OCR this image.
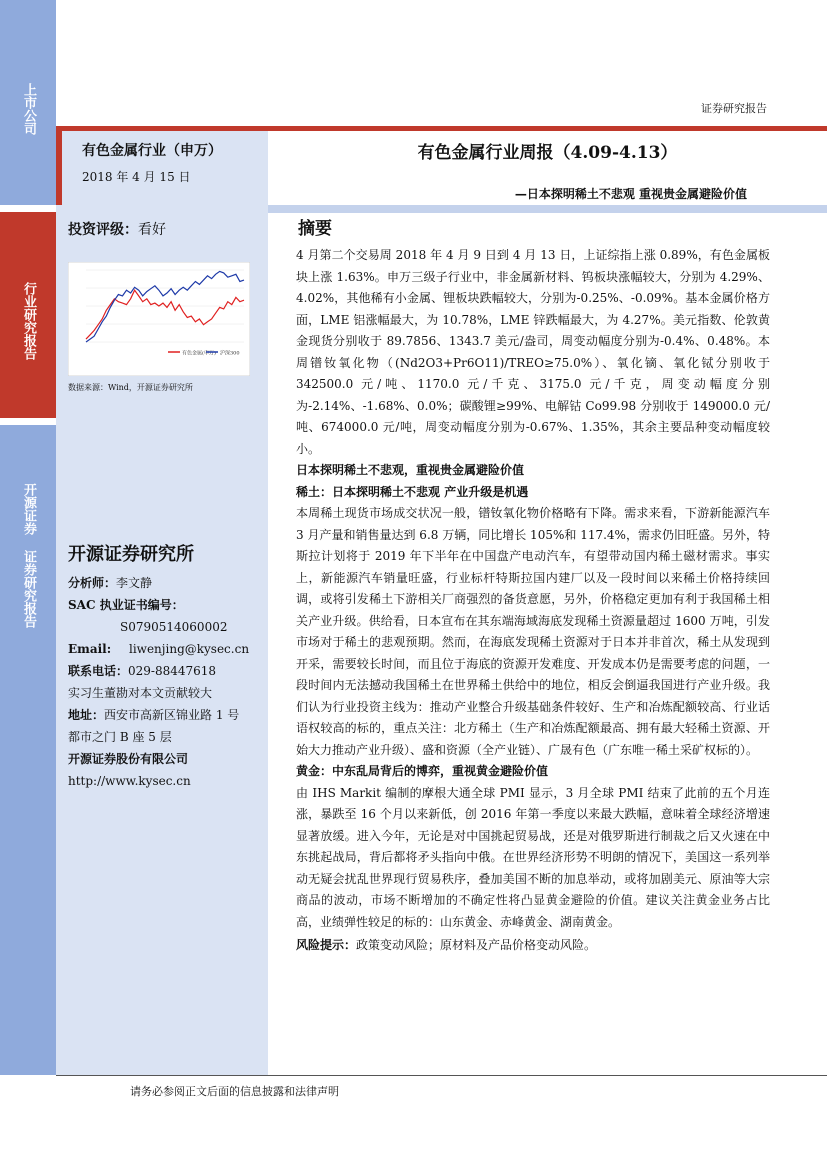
上市公司
行业研究报告
开源证券 证券研究报告
证券研究报告
有色金属行业（申万）
2018 年 4 月 15 日
有色金属行业周报（4.09-4.13）
—日本探明稀土不悲观 重视贵金属避险价值
投资评级：看好
有色金属(申万) 沪深300
数据来源：Wind，开源证券研究所
开源证券研究所
分析师：李文静
SAC 执业证书编号：
S0790514060002
Email: liwenjing@kysec.cn
联系电话：029-88447618
实习生董勘对本文贡献较大
地址：西安市高新区锦业路 1 号
都市之门 B 座 5 层
开源证券股份有限公司
http://www.kysec.cn
摘要
4 月第二个交易周 2018 年 4 月 9 日到 4 月 13 日，上证综指上涨 0.89%，有色金属板块上涨 1.63%。申万三级子行业中，非金属新材料、钨板块涨幅较大，分别为 4.29%、4.02%，其他稀有小金属、锂板块跌幅较大，分别为-0.25%、-0.09%。基本金属价格方面，LME 铝涨幅最大，为 10.78%，LME 锌跌幅最大，为 4.27%。美元指数、伦敦黄金现货分别收于 89.7856、1343.7 美元/盎司，周变动幅度分别为-0.4%、0.48%。本周镨钕氧化物（(Nd2O3+Pr6O11)/TREO≥75.0%）、氧化镝、氧化铽分别收于 342500.0 元/吨、1170.0 元/千克、3175.0 元/千克，周变动幅度分别为-2.14%、-1.68%、0.0%；碳酸锂≥99%、电解钴 Co99.98 分别收于 149000.0 元/吨、674000.0 元/吨，周变动幅度分别为-0.67%、1.35%，其余主要品种变动幅度较小。
日本探明稀土不悲观，重视贵金属避险价值
稀土：日本探明稀土不悲观 产业升级是机遇
本周稀土现货市场成交状况一般，镨钕氧化物价格略有下降。需求来看，下游新能源汽车 3 月产量和销售量达到 6.8 万辆，同比增长 105%和 117.4%，需求仍旧旺盛。另外，特斯拉计划将于 2019 年下半年在中国盘产电动汽车，有望带动国内稀土磁材需求。事实上，新能源汽车销量旺盛，行业标杆特斯拉国内建厂以及一段时间以来稀土价格持续回调，或将引发稀土下游相关厂商强烈的备货意愿，另外，价格稳定更加有利于我国稀土相关产业升级。供给看，日本宣布在其东端海域海底发现稀土资源量超过 1600 万吨，引发市场对于稀土的悲观预期。然而，在海底发现稀土资源对于日本并非首次，稀土从发现到开采，需要较长时间，而且位于海底的资源开发难度、开发成本仍是需要考虑的问题，一段时间内无法撼动我国稀土在世界稀土供给中的地位，相反会倒逼我国进行产业升级。我们认为行业投资主线为：推动产业整合升级基础条件较好、生产和冶炼配额较高、行业话语权较高的标的，重点关注：北方稀土（生产和冶炼配额最高、拥有最大轻稀土资源、开始大力推动产业升级）、盛和资源（全产业链）、广晟有色（广东唯一稀土采矿权标的）。
黄金：中东乱局背后的博弈，重视黄金避险价值
由 IHS Markit 编制的摩根大通全球 PMI 显示，3 月全球 PMI 结束了此前的五个月连涨，暴跌至 16 个月以来新低，创 2016 年第一季度以来最大跌幅，意味着全球经济增速显著放缓。进入今年，无论是对中国挑起贸易战，还是对俄罗斯进行制裁之后又火速在中东挑起战局，背后都将矛头指向中俄。在世界经济形势不明朗的情况下，美国这一系列举动无疑会扰乱世界现行贸易秩序，叠加美国不断的加息举动，或将加剧美元、原油等大宗商品的波动，市场不断增加的不确定性将凸显黄金避险的价值。建议关注黄金业务占比高，业绩弹性较足的标的：山东黄金、赤峰黄金、湖南黄金。
风险提示：政策变动风险；原材料及产品价格变动风险。
请务必参阅正文后面的信息披露和法律声明
